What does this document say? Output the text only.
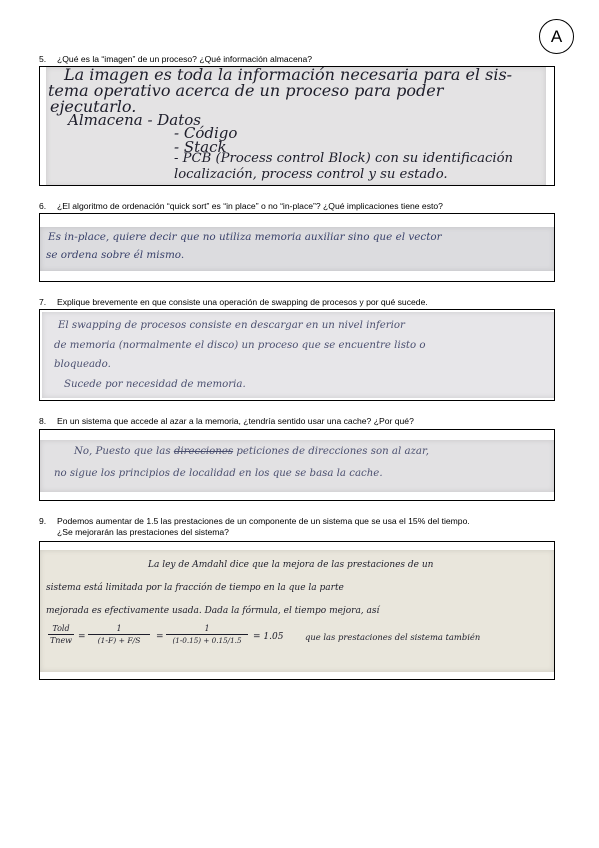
A
5. ¿Qué es la “imagen” de un proceso? ¿Qué información almacena?
La imagen es toda la información necesaria para el sis-
tema operativo acerca de un proceso para poder
ejecutarlo.
Almacena - Datos
- Código
- Stack
- PCB (Process control Block) con su identificación
localización, process control y su estado.
6. ¿El algoritmo de ordenación “quick sort” es “in place” o no “in-place”? ¿Qué implicaciones tiene esto?
Es in-place, quiere decir que no utiliza memoria auxiliar sino que el vector
se ordena sobre él mismo.
7. Explique brevemente en que consiste una operación de swapping de procesos y por qué sucede.
El swapping de procesos consiste en descargar en un nivel inferior
de memoria (normalmente el disco) un proceso que se encuentre listo o
bloqueado.
Sucede por necesidad de memoria.
8. En un sistema que accede al azar a la memoria, ¿tendría sentido usar una cache? ¿Por qué?
No, Puesto que las direcciones peticiones de direcciones son al azar,
no sigue los principios de localidad en los que se basa la cache.
9. Podemos aumentar de 1.5 las prestaciones de un componente de un sistema que se usa el 15% del tiempo.
¿Se mejorarán las prestaciones del sistema?
La ley de Amdahl dice que la mejora de las prestaciones de un
sistema está limitada por la fracción de tiempo en la que la parte
mejorada es efectivamente usada. Dada la fórmula, el tiempo mejora, así
que las prestaciones del sistema también
Told
Tnew =
1
(1-F) + F/S	=
1
(1-0.15) + 0.15/1.5	= 1.05
